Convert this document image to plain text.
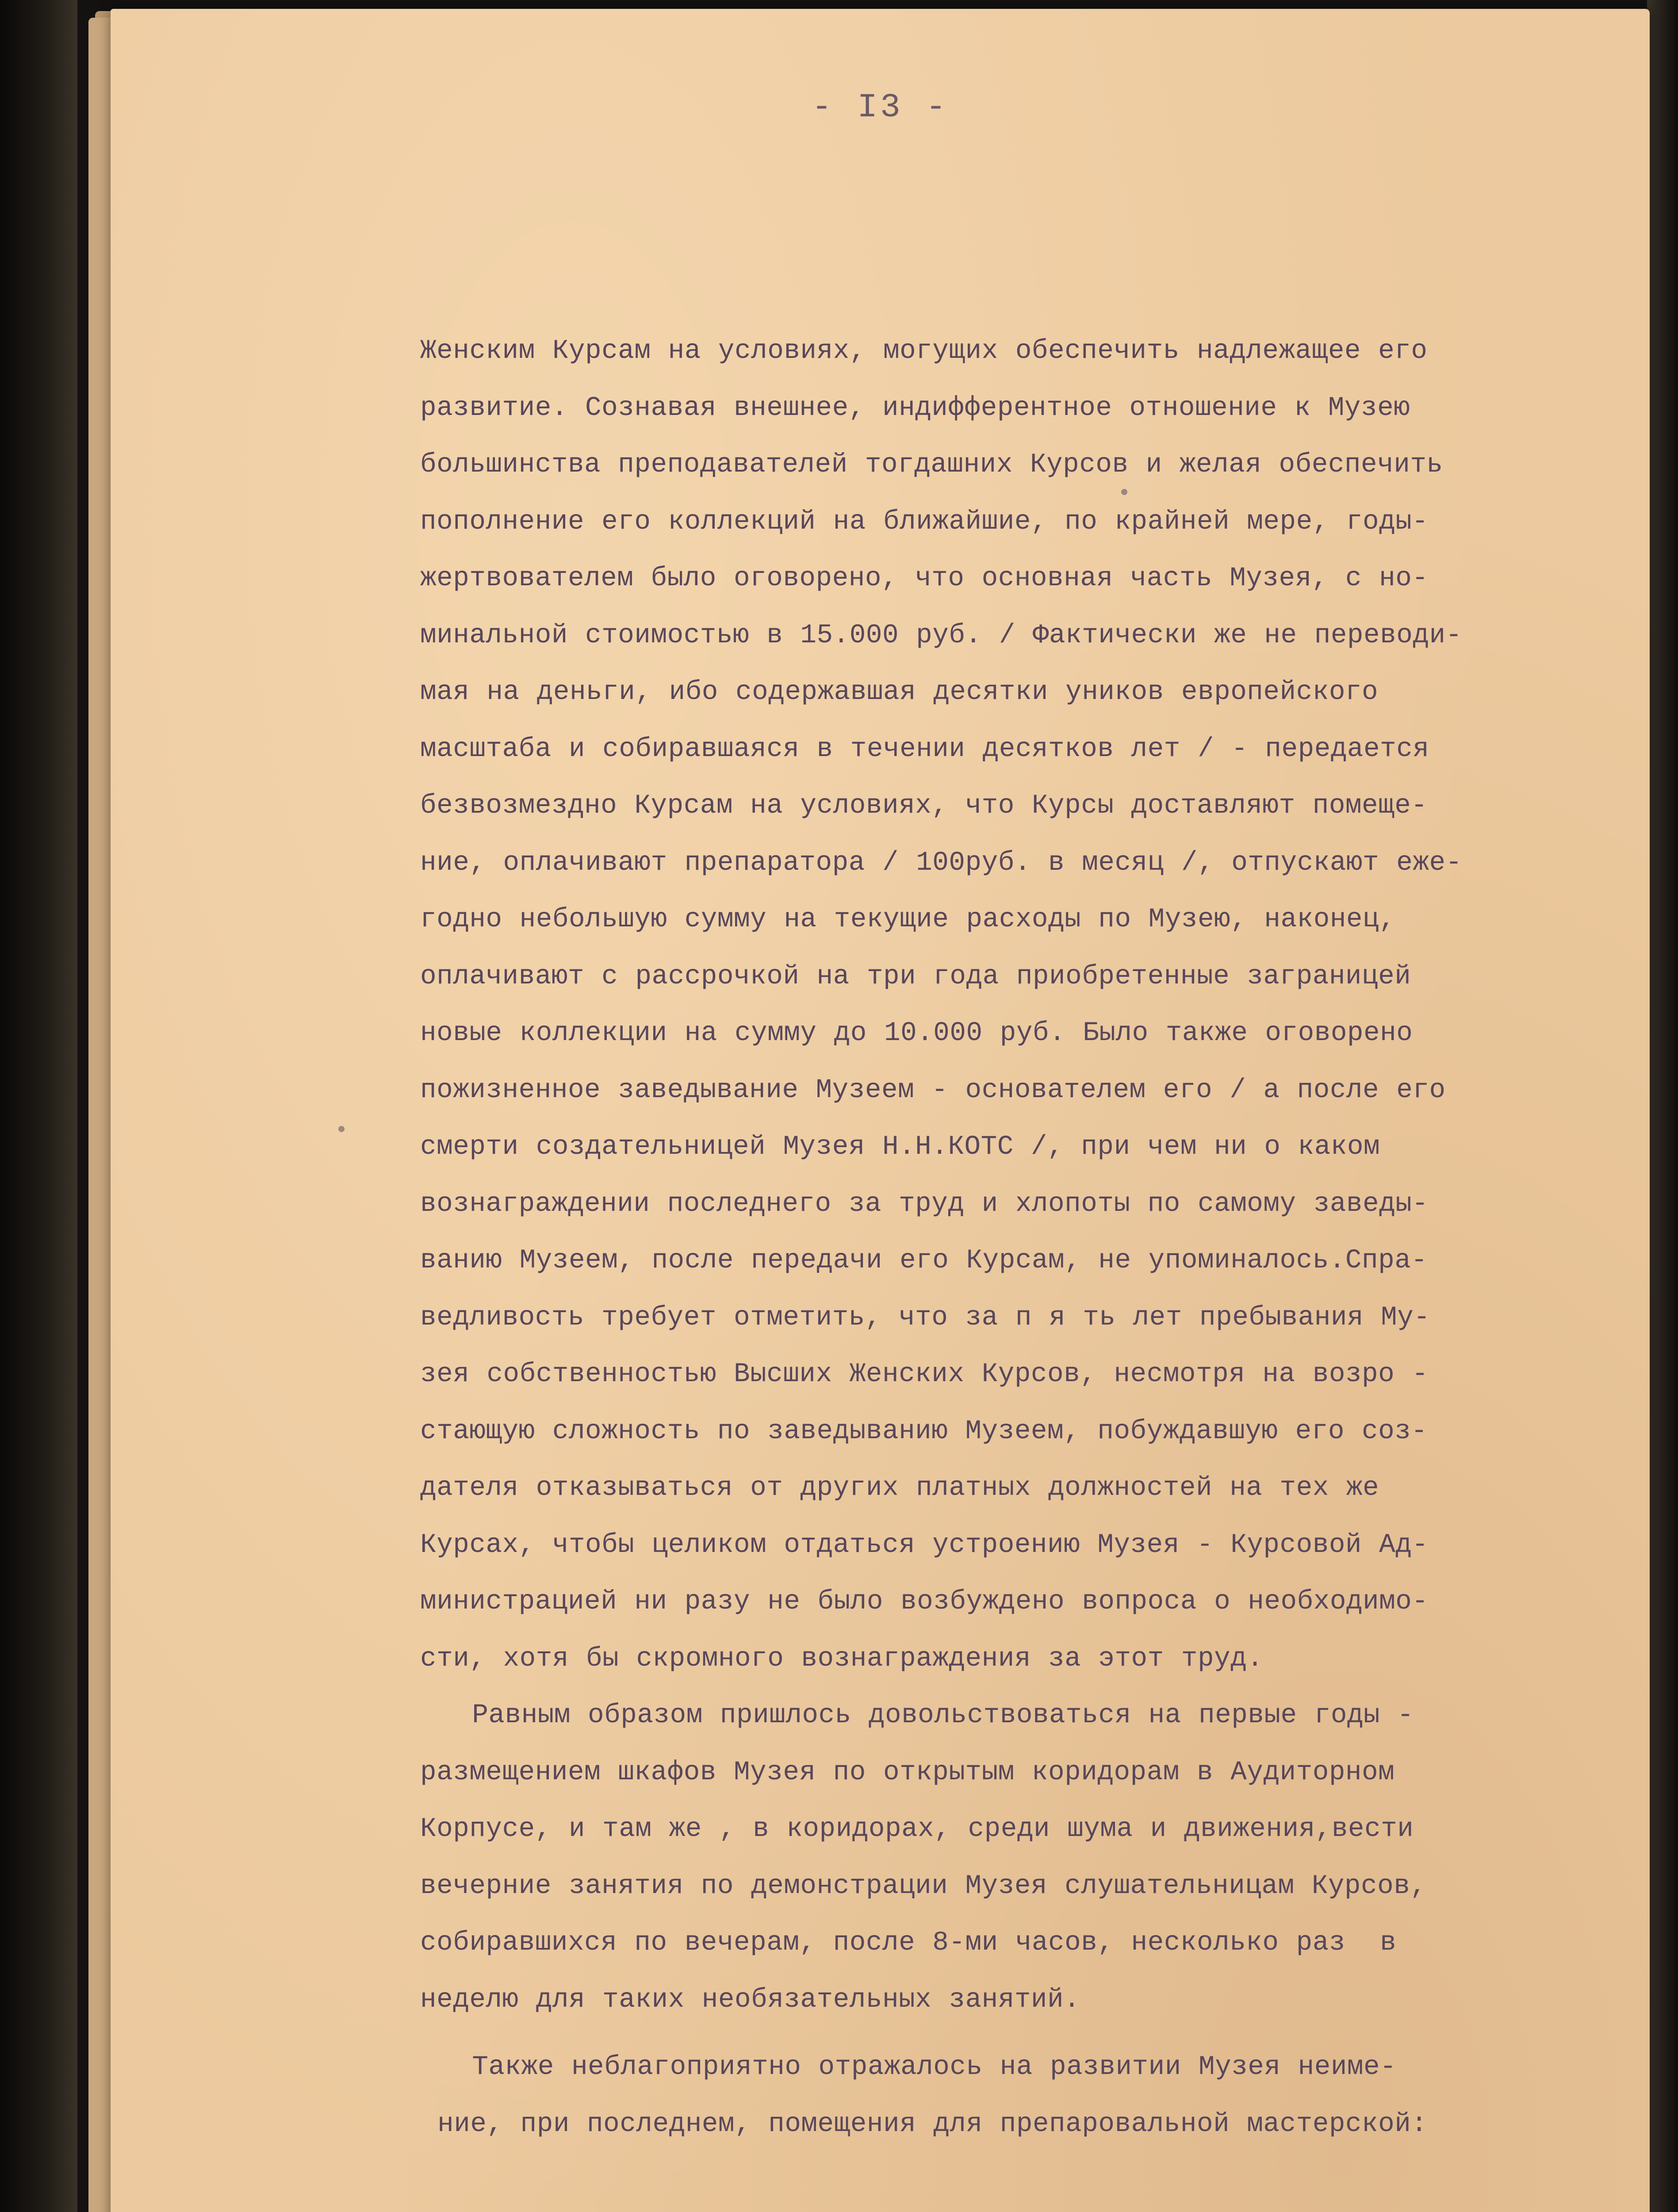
- I3 -
Женским Курсам на условиях, могущих обеспечить надлежащее его
развитие. Сознавая внешнее, индифферентное отношение к Музею
большинства преподавателей тогдашних Курсов и желая обеспечить
пополнение его коллекций на ближайшие, по крайней мере, годы-
жертвователем было оговорено, что основная часть Музея, с но-
минальной стоимостью в 15.000 руб. / Фактически же не переводи-
мая на деньги, ибо содержавшая десятки уников европейского
масштаба и собиравшаяся в течении десятков лет / - передается
безвозмездно Курсам на условиях, что Курсы доставляют помеще-
ние, оплачивают препаратора / 100руб. в месяц /, отпускают еже-
годно небольшую сумму на текущие расходы по Музею, наконец,
оплачивают с рассрочкой на три года приобретенные заграницей
новые коллекции на сумму до 10.000 руб. Было также оговорено
пожизненное заведывание Музеем - основателем его / а после его
смерти создательницей Музея Н.Н.КОТС /, при чем ни о каком
вознаграждении последнего за труд и хлопоты по самому заведы-
ванию Музеем, после передачи его Курсам, не упоминалось.Спра-
ведливость требует отметить, что за п я ть лет пребывания Му-
зея собственностью Высших Женских Курсов, несмотря на возро -
стающую сложность по заведыванию Музеем, побуждавшую его соз-
дателя отказываться от других платных должностей на тех же
Курсах, чтобы целиком отдаться устроению Музея - Курсовой Ад-
министрацией ни разу не было возбуждено вопроса о необходимо-
сти, хотя бы скромного вознаграждения за этот труд.
Равным образом пришлось довольствоваться на первые годы -
размещением шкафов Музея по открытым коридорам в Аудиторном
Корпусе, и там же , в коридорах, среди шума и движения,вести
вечерние занятия по демонстрации Музея слушательницам Курсов,
собиравшихся по вечерам, после 8-ми часов, несколько раз  в
неделю для таких необязательных занятий.
Также неблагоприятно отражалось на развитии Музея неиме-
ние, при последнем, помещения для препаровальной мастерской:
